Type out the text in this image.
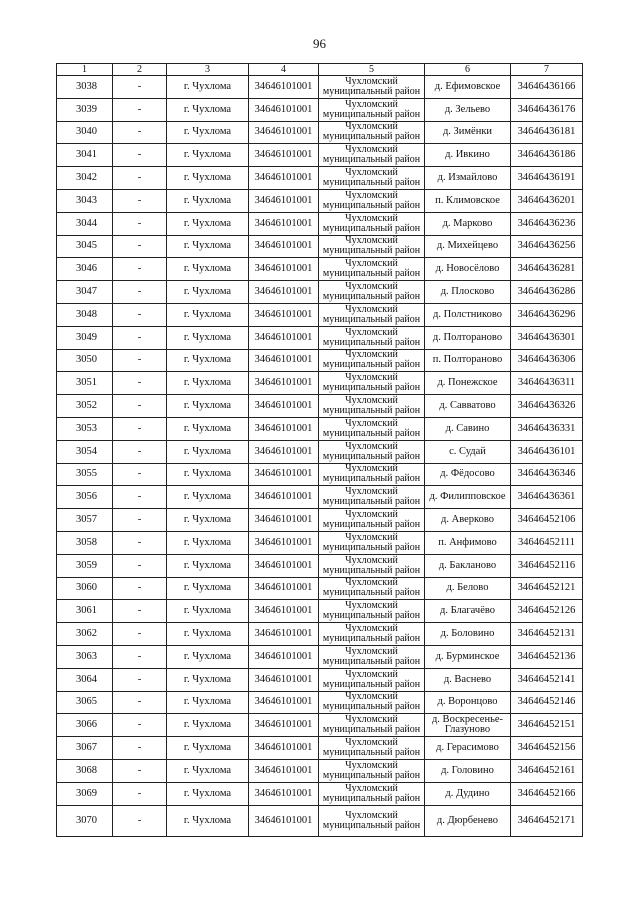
96
1	2	3	4	5	6	7
3038	-	г. Чухлома	34646101001	Чухломский муниципальный район	д. Ефимовское	34646436166
3039	-	г. Чухлома	34646101001	Чухломский муниципальный район	д. Зельево	34646436176
3040	-	г. Чухлома	34646101001	Чухломский муниципальный район	д. Зимёнки	34646436181
3041	-	г. Чухлома	34646101001	Чухломский муниципальный район	д. Ивкино	34646436186
3042	-	г. Чухлома	34646101001	Чухломский муниципальный район	д. Измайлово	34646436191
3043	-	г. Чухлома	34646101001	Чухломский муниципальный район	п. Климовское	34646436201
3044	-	г. Чухлома	34646101001	Чухломский муниципальный район	д. Марково	34646436236
3045	-	г. Чухлома	34646101001	Чухломский муниципальный район	д. Михейцево	34646436256
3046	-	г. Чухлома	34646101001	Чухломский муниципальный район	д. Новосёлово	34646436281
3047	-	г. Чухлома	34646101001	Чухломский муниципальный район	д. Плосково	34646436286
3048	-	г. Чухлома	34646101001	Чухломский муниципальный район	д. Полстниково	34646436296
3049	-	г. Чухлома	34646101001	Чухломский муниципальный район	д. Полтораново	34646436301
3050	-	г. Чухлома	34646101001	Чухломский муниципальный район	п. Полтораново	34646436306
3051	-	г. Чухлома	34646101001	Чухломский муниципальный район	д. Понежское	34646436311
3052	-	г. Чухлома	34646101001	Чухломский муниципальный район	д. Савватово	34646436326
3053	-	г. Чухлома	34646101001	Чухломский муниципальный район	д. Савино	34646436331
3054	-	г. Чухлома	34646101001	Чухломский муниципальный район	с. Судай	34646436101
3055	-	г. Чухлома	34646101001	Чухломский муниципальный район	д. Фёдосово	34646436346
3056	-	г. Чухлома	34646101001	Чухломский муниципальный район	д. Филипповское	34646436361
3057	-	г. Чухлома	34646101001	Чухломский муниципальный район	д. Аверково	34646452106
3058	-	г. Чухлома	34646101001	Чухломский муниципальный район	п. Анфимово	34646452111
3059	-	г. Чухлома	34646101001	Чухломский муниципальный район	д. Бакланово	34646452116
3060	-	г. Чухлома	34646101001	Чухломский муниципальный район	д. Белово	34646452121
3061	-	г. Чухлома	34646101001	Чухломский муниципальный район	д. Благачёво	34646452126
3062	-	г. Чухлома	34646101001	Чухломский муниципальный район	д. Боловино	34646452131
3063	-	г. Чухлома	34646101001	Чухломский муниципальный район	д. Бурминское	34646452136
3064	-	г. Чухлома	34646101001	Чухломский муниципальный район	д. Васнево	34646452141
3065	-	г. Чухлома	34646101001	Чухломский муниципальный район	д. Воронцово	34646452146
3066	-	г. Чухлома	34646101001	Чухломский муниципальный район	д. Воскресенье-Глазуново	34646452151
3067	-	г. Чухлома	34646101001	Чухломский муниципальный район	д. Герасимово	34646452156
3068	-	г. Чухлома	34646101001	Чухломский муниципальный район	д. Головино	34646452161
3069	-	г. Чухлома	34646101001	Чухломский муниципальный район	д. Дудино	34646452166
3070	-	г. Чухлома	34646101001	Чухломский муниципальный район	д. Дюрбенево	34646452171
